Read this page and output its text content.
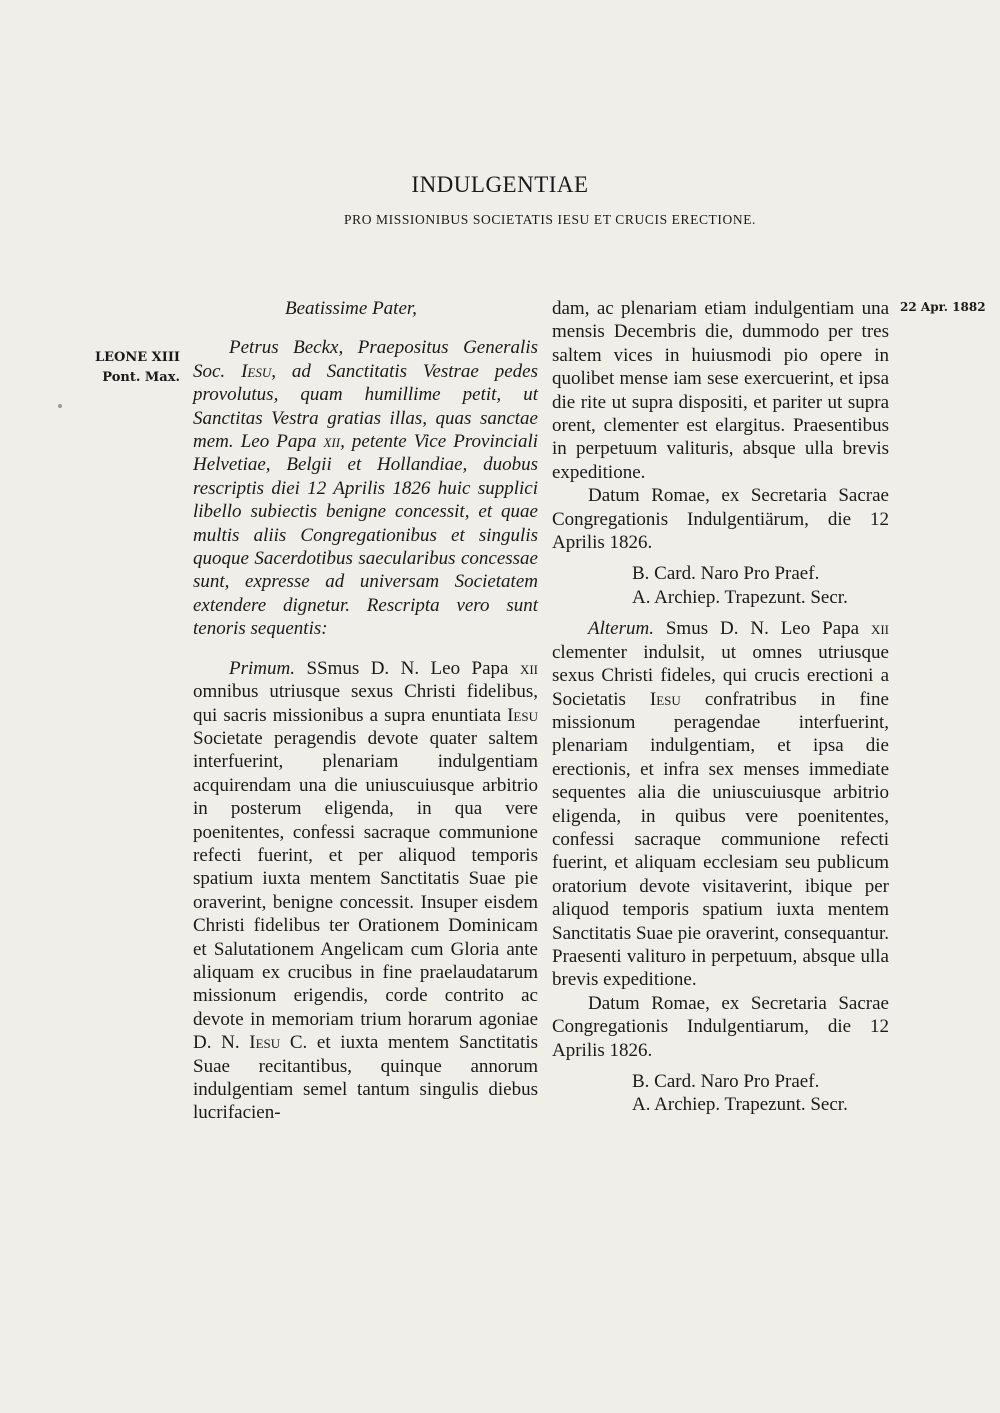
INDULGENTIAE
PRO MISSIONIBUS SOCIETATIS IESU ET CRUCIS ERECTIONE.
LEONE XIII
Pont. Max.
22 Apr. 1882

Beatissime Pater,

Petrus Beckx, Praepositus Generalis Soc. Iesu, ad Sanctitatis Vestrae pedes provolutus, quam humillime petit, ut Sanctitas Vestra gratias illas, quas sanctae mem. Leo Papa xii, petente Vice Provinciali Helvetiae, Belgii et Hollandiae, duobus rescriptis diei 12 Aprilis 1826 huic supplici libello subiectis benigne concessit, et quae multis aliis Congregationibus et singulis quoque Sacerdotibus saecularibus concessae sunt, expresse ad universam Societatem extendere dignetur. Rescripta vero sunt tenoris sequentis:

Primum. SSmus D. N. Leo Papa xii omnibus utriusque sexus Christi fidelibus, qui sacris missionibus a supra enuntiata Iesu Societate peragendis devote quater saltem interfuerint, plenariam indulgentiam acquirendam una die uniuscuiusque arbitrio in posterum eligenda, in qua vere poenitentes, confessi sacraque communione refecti fuerint, et per aliquod temporis spatium iuxta mentem Sanctitatis Suae pie oraverint, benigne concessit. Insuper eisdem Christi fidelibus ter Orationem Dominicam et Salutationem Angelicam cum Gloria ante aliquam ex crucibus in fine praelaudatarum missionum erigendis, corde contrito ac devote in memoriam trium horarum agoniae D. N. Iesu C. et iuxta mentem Sanctitatis Suae recitantibus, quinque annorum indulgentiam semel tantum singulis diebus lucrifacien-

dam, ac plenariam etiam indulgentiam una mensis Decembris die, dummodo per tres saltem vices in huiusmodi pio opere in quolibet mense iam sese exercuerint, et ipsa die rite ut supra dispositi, et pariter ut supra orent, clementer est elargitus. Praesentibus in perpetuum valituris, absque ulla brevis expeditione.

Datum Romae, ex Secretaria Sacrae Congregationis Indulgentiärum, die 12 Aprilis 1826.

B. Card. Naro Pro Praef.

A. Archiep. Trapezunt. Secr.

Alterum. Smus D. N. Leo Papa xii clementer indulsit, ut omnes utriusque sexus Christi fideles, qui crucis erectioni a Societatis Iesu confratribus in fine missionum peragendae interfuerint, plenariam indulgentiam, et ipsa die erectionis, et infra sex menses immediate sequentes alia die uniuscuiusque arbitrio eligenda, in quibus vere poenitentes, confessi sacraque communione refecti fuerint, et aliquam ecclesiam seu publicum oratorium devote visitaverint, ibique per aliquod temporis spatium iuxta mentem Sanctitatis Suae pie oraverint, consequantur. Praesenti valituro in perpetuum, absque ulla brevis expeditione.

Datum Romae, ex Secretaria Sacrae Congregationis Indulgentiarum, die 12 Aprilis 1826.

B. Card. Naro Pro Praef.

A. Archiep. Trapezunt. Secr.
